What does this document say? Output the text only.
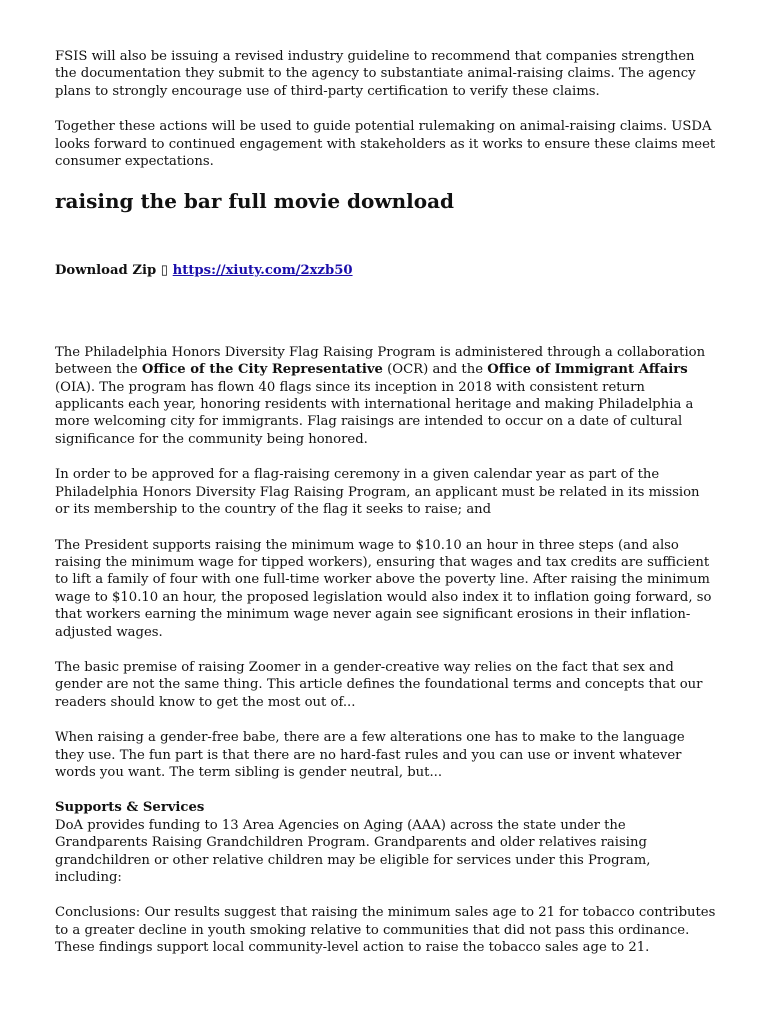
FSIS will also be issuing a revised industry guideline to recommend that companies strengthen the documentation they submit to the agency to substantiate animal-raising claims. The agency plans to strongly encourage use of third-party certification to verify these claims.

Together these actions will be used to guide potential rulemaking on animal-raising claims. USDA looks forward to continued engagement with stakeholders as it works to ensure these claims meet consumer expectations.

raising the bar full movie download
Download Zip ▯ https://xiuty.com/2xzb50

The Philadelphia Honors Diversity Flag Raising Program is administered through a collaboration between the Office of the City Representative (OCR) and the Office of Immigrant Affairs (OIA). The program has flown 40 flags since its inception in 2018 with consistent return applicants each year, honoring residents with international heritage and making Philadelphia a more welcoming city for immigrants. Flag raisings are intended to occur on a date of cultural significance for the community being honored.

In order to be approved for a flag-raising ceremony in a given calendar year as part of the Philadelphia Honors Diversity Flag Raising Program, an applicant must be related in its mission or its membership to the country of the flag it seeks to raise; and

The President supports raising the minimum wage to $10.10 an hour in three steps (and also raising the minimum wage for tipped workers), ensuring that wages and tax credits are sufficient to lift a family of four with one full-time worker above the poverty line. After raising the minimum wage to $10.10 an hour, the proposed legislation would also index it to inflation going forward, so that workers earning the minimum wage never again see significant erosions in their inflation-adjusted wages.

The basic premise of raising Zoomer in a gender-creative way relies on the fact that sex and gender are not the same thing. This article defines the foundational terms and concepts that our readers should know to get the most out of...

When raising a gender-free babe, there are a few alterations one has to make to the language they use. The fun part is that there are no hard-fast rules and you can use or invent whatever words you want. The term sibling is gender neutral, but...

Supports & Services
DoA provides funding to 13 Area Agencies on Aging (AAA) across the state under the Grandparents Raising Grandchildren Program. Grandparents and older relatives raising grandchildren or other relative children may be eligible for services under this Program, including:

Conclusions: Our results suggest that raising the minimum sales age to 21 for tobacco contributes to a greater decline in youth smoking relative to communities that did not pass this ordinance. These findings support local community-level action to raise the tobacco sales age to 21.
